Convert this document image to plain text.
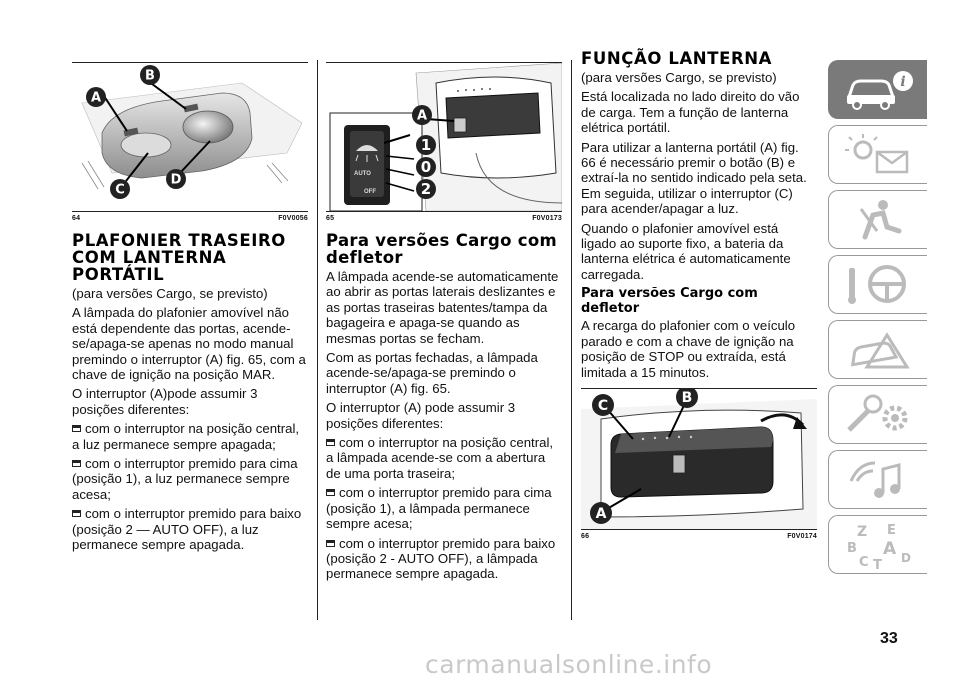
A
B
C
D
64	F0V0056
PLAFONIER TRASEIRO COM LANTERNA PORTÁTIL

(para versões Cargo, se previsto)

A lâmpada do plafonier amovível não está dependente das portas, acende-se/apaga-se apenas no modo manual premindo o interruptor (A) fig. 65, com a chave de ignição na posição MAR.

O interruptor (A)pode assumir 3 posições diferentes:

com o interruptor na posição central, a luz permanece sempre apagada;

com o interruptor premido para cima (posição 1), a luz permanece sempre acesa;

com o interruptor premido para baixo (posição 2 — AUTO OFF), a luz permanece sempre apagada.

AUTO
OFF
A
1
0
2
65	F0V0173
Para versões Cargo com defletor

A lâmpada acende-se automaticamente ao abrir as portas laterais deslizantes e as portas traseiras batentes/tampa da bagageira e apaga-se quando as mesmas portas se fecham.

Com as portas fechadas, a lâmpada acende-se/apaga-se premindo o interruptor (A) fig. 65.

O interruptor (A) pode assumir 3 posições diferentes:

com o interruptor na posição central, a lâmpada acende-se com a abertura de uma porta traseira;

com o interruptor premido para cima (posição 1), a lâmpada permanece sempre acesa;

com o interruptor premido para baixo (posição 2 - AUTO OFF), a lâmpada permanece sempre apagada.

FUNÇÃO LANTERNA

(para versões Cargo, se previsto)

Está localizada no lado direito do vão de carga. Tem a função de lanterna elétrica portátil.

Para utilizar a lanterna portátil (A) fig. 66 é necessário premir o botão (B) e extraí-la no sentido indicado pela seta. Em seguida, utilizar o interruptor (C) para acender/apagar a luz.

Quando o plafonier amovível está ligado ao suporte fixo, a bateria da lanterna elétrica é automaticamente carregada.

Para versões Cargo com defletor

A recarga do plafonier com o veículo parado e com a chave de ignição na posição de STOP ou extraída, está limitada a 15 minutos.

C	B
A
66	F0V0174
i
Z E
B A
C T D
33
carmanualsonline.info
